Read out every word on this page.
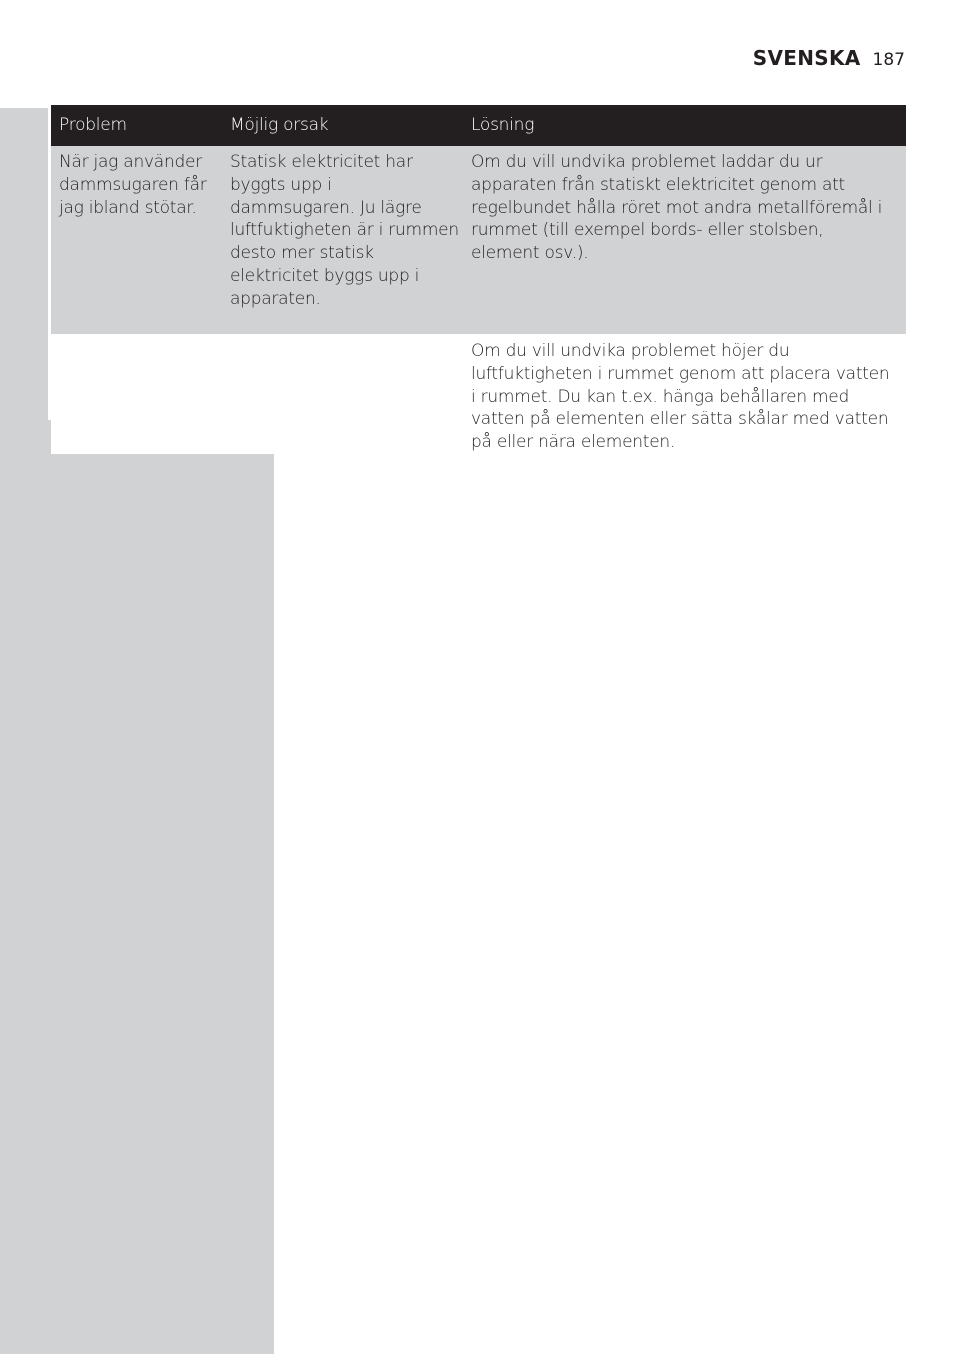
SVENSKA 187
Problem	Möjlig orsak	Lösning
När jag använder dammsugaren får jag ibland stötar.
Statisk elektricitet har byggts upp i dammsugaren. Ju lägre luftfuktigheten är i rummen desto mer statisk elektricitet byggs upp i apparaten.
Om du vill undvika problemet laddar du ur apparaten från statiskt elektricitet genom att regelbundet hålla röret mot andra metallföremål i rummet (till exempel bords- eller stolsben, element osv.).
Om du vill undvika problemet höjer du luftfuktigheten i rummet genom att placera vatten i rummet. Du kan t.ex. hänga behållaren med vatten på elementen eller sätta skålar med vatten på eller nära elementen.
